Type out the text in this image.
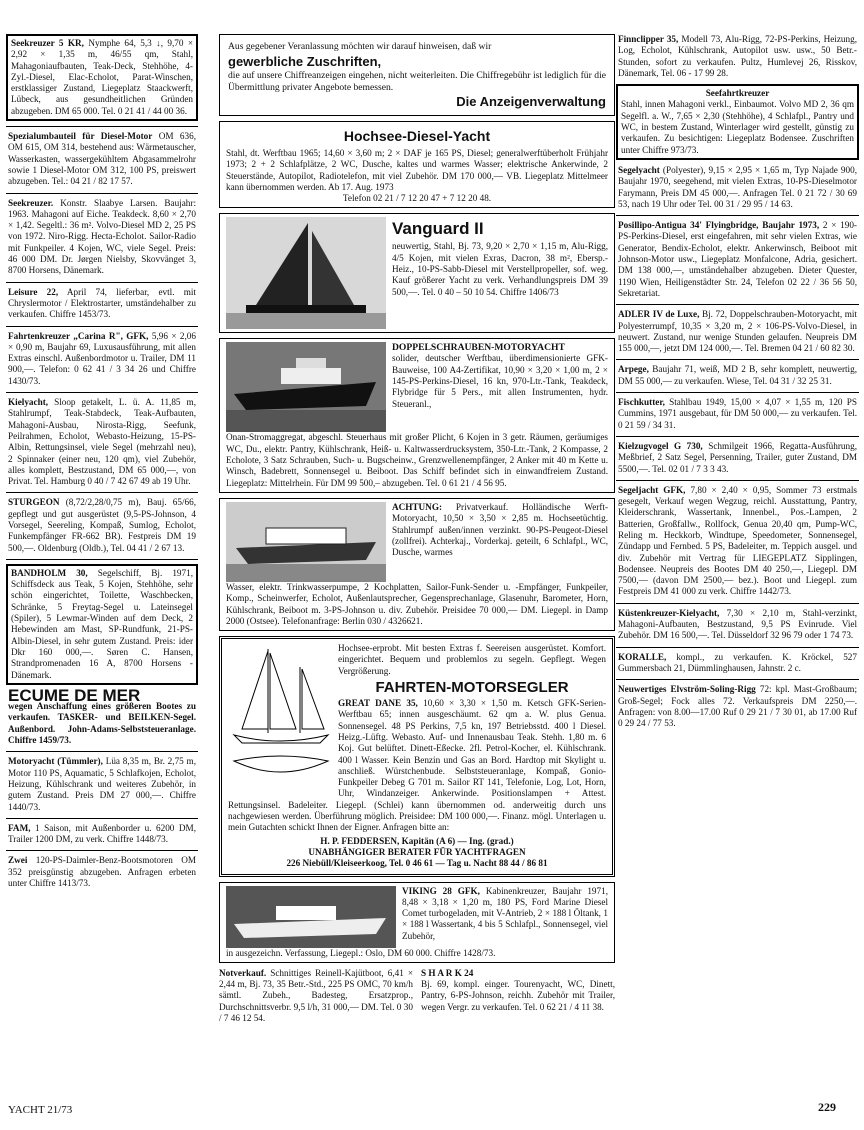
Seekreuzer 5 KR, Nymphe 64, 5,3 ↓, 9,70 × 2,92 × 1,35 m, 46/55 qm, Stahl, Mahagoniaufbauten, Teak-Deck, Stehhöhe, 4-Zyl.-Diesel, Elac-Echolot, Parat-Winschen, erstklassiger Zustand, Liegeplatz Staackwerft, Lübeck, aus gesundheitlichen Gründen abzugeben. DM 65 000. Tel. 0 21 41 / 44 00 36.
Spezialumbauteil für Diesel-Motor OM 636, OM 615, OM 314, bestehend aus: Wärmetauscher, Wasserkasten, wassergekühltem Abgasammelrohr sowie 1 Diesel-Motor OM 312, 100 PS, preiswert abzugeben. Tel.: 04 21 / 82 17 57.
Seekreuzer. Konstr. Slaabye Larsen. Baujahr: 1963. Mahagoni auf Eiche. Teakdeck. 8,60 × 2,70 × 1,42. Segeltl.: 36 m². Volvo-Diesel MD 2, 25 PS von 1972. Niro-Rigg. Hecta-Echolot. Sailor-Radio mit Funkpeiler. 4 Kojen, WC, viele Segel. Preis: 46 000 DM. Dr. Jørgen Nielsby, Skovvänget 3, 8700 Horsens, Dänemark.
Leisure 22, April 74, lieferbar, evtl. mit Chryslermotor / Elektrostarter, umständehalber zu verkaufen. Chiffre 1453/73.
Fahrtenkreuzer „Carina R", GFK, 5,96 × 2,06 × 0,90 m, Baujahr 69, Luxusausführung, mit allen Extras einschl. Außenbordmotor u. Trailer, DM 11 900,—. Telefon: 0 62 41 / 3 34 26 und Chiffre 1430/73.
Kielyacht, Sloop getakelt, L. ü. A. 11,85 m, Stahlrumpf, Teak-Stabdeck, Teak-Aufbauten, Mahagoni-Ausbau, Nirosta-Rigg, Seefunk, Peilrahmen, Echolot, Webasto-Heizung, 15-PS-Albin, Rettungsinsel, viele Segel (mehrzahl neu), 2 Spinnaker (einer neu, 120 qm), viel Zubehör, alles komplett, Bestzustand, DM 65 000,—, von Privat. Tel. Hamburg 0 40 / 7 42 67 49 ab 19 Uhr.
STURGEON (8,72/2,28/0,75 m), Bauj. 65/66, gepflegt und gut ausgerüstet (9,5-PS-Johnson, 4 Vorsegel, Seereling, Kompaß, Sumlog, Echolot, Funkempfänger FR-662 BR). Festpreis DM 19 500,—. Oldenburg (Oldb.), Tel. 04 41 / 2 67 13.
BANDHOLM 30, Segelschiff, Bj. 1971, Schiffsdeck aus Teak, 5 Kojen, Stehhöhe, sehr schön eingerichtet, Toilette, Waschbecken, Schränke, 5 Freytag-Segel u. Lateinsegel (Spiler), 5 Lewmar-Winden auf dem Deck, 2 Hebewinden am Mast, SP-Rundfunk, 21-PS-Albin-Diesel, in sehr gutem Zustand. Preis: ider Dkr 160 000,—. Søren C. Hansen, Strandpromenaden 16 A, 8700 Horsens - Dänemark.
ECUME DE MER
wegen Anschaffung eines größeren Bootes zu verkaufen. TASKER- und BEILKEN-Segel. Außenbord. John-Adams-Selbststeueranlage. Chiffre 1459/73.
Motoryacht (Tümmler), Lüa 8,35 m, Br. 2,75 m, Motor 110 PS, Aquamatic, 5 Schlafkojen, Echolot, Heizung, Kühlschrank und weiteres Zubehör, in gutem Zustand. Preis DM 27 000,—. Chiffre 1440/73.
FAM, 1 Saison, mit Außenborder u. 6200 DM, Trailer 1200 DM, zu verk. Chiffre 1448/73.
Zwei 120-PS-Daimler-Benz-Bootsmotoren OM 352 preisgünstig abzugeben. Anfragen erbeten unter Chiffre 1413/73.
Aus gegebener Veranlassung möchten wir darauf hinweisen, daß wir
gewerbliche Zuschriften,
die auf unsere Chiffreanzeigen eingehen, nicht weiterleiten. Die Chiffregebühr ist lediglich für die Übermittlung privater Angebote bemessen.
Die Anzeigenverwaltung
Hochsee-Diesel-Yacht
Stahl, dt. Werftbau 1965; 14,60 × 3,60 m; 2 × DAF je 165 PS, Diesel; generalwerftüberholt Frühjahr 1973; 2 + 2 Schlafplätze, 2 WC, Dusche, kaltes und warmes Wasser; elektrische Ankerwinde, 2 Steuerstände, Autopilot, Radiotelefon, mit viel Zubehör. DM 170 000,— VB. Liegeplatz Mittelmeer kann übernommen werden. Ab 17. Aug. 1973
Telefon 02 21 / 7 12 20 47 + 7 12 20 48.
Vanguard II
neuwertig, Stahl, Bj. 73, 9,20 × 2,70 × 1,15 m, Alu-Rigg, 4/5 Kojen, mit vielen Exras, Dacron, 38 m², Ebersp.-Heiz., 10-PS-Sabb-Diesel mit Verstellpropeller, sof. weg. Kauf größerer Yacht zu verk. Verhandlungspreis DM 39 500,—. Tel. 0 40 – 50 10 54. Chiffre 1406/73
DOPPELSCHRAUBEN-MOTORYACHT
solider, deutscher Werftbau, überdimensionierte GFK-Bauweise, 100 A4-Zertifikat, 10,90 × 3,20 × 1,00 m, 2 × 145-PS-Perkins-Diesel, 16 kn, 970-Ltr.-Tank, Teakdeck, Flybridge für 5 Pers., mit allen Instrumenten, hydr. Steueranl.,
Onan-Stromaggregat, abgeschl. Steuerhaus mit großer Plicht, 6 Kojen in 3 getr. Räumen, geräumiges WC, Du., elektr. Pantry, Kühlschrank, Heiß- u. Kaltwasserdrucksystem, 350-Ltr.-Tank, 2 Kompasse, 2 Echolote, 3 Satz Schrauben, Such- u. Bugscheinw., Grenzwellenempfänger, 2 Anker mit 40 m Kette u. Winsch, Badebrett, Sonnensegel u. Beiboot. Das Schiff befindet sich in einwandfreiem Zustand. Liegeplatz: Mittelrhein. Für DM 99 500,– abzugeben. Tel. 0 61 21 / 4 56 95.
ACHTUNG: Privatverkauf. Holländische Werft-Motoryacht, 10,50 × 3,50 × 2,85 m. Hochseetüchtig. Stahlrumpf außen/innen verzinkt. 90-PS-Peugeot-Diesel (zollfrei). Achterkaj., Vorderkaj. geteilt, 6 Schlafpl., WC, Dusche, warmes
Wasser, elektr. Trinkwasserpumpe, 2 Kochplatten, Sailor-Funk-Sender u. -Empfänger, Funkpeiler, Komp., Scheinwerfer, Echolot, Außenlautsprecher, Gegensprechanlage, Glasenuhr, Barometer, Horn, Kühlschrank, Beiboot m. 3-PS-Johnson u. div. Zubehör. Preisidee 70 000,— DM. Liegepl. in Damp 2000 (Ostsee). Telefonanfrage: Berlin 030 / 4326621.
Hochsee-erprobt. Mit besten Extras f. Seereisen ausgerüstet. Komfort. eingerichtet. Bequem und problemlos zu segeln. Gepflegt. Wegen Vergrößerung.
FAHRTEN-MOTORSEGLER
GREAT DANE 35, 10,60 × 3,30 × 1,50 m. Ketsch GFK-Serien-Werftbau 65; innen ausgeschäumt. 62 qm a. W. plus Genua. Sonnensegel. 48 PS Perkins, 7,5 kn, 197 Betriebsstd. 400 l Diesel. Heizg.-Lüftg. Webasto. Auf- und Innenausbau Teak. Stehh. 1,80 m. 6 Koj. Gut belüftet. Dinett-Eßecke. 2fl. Petrol-Kocher, el. Kühlschrank. 400 l Wasser. Kein Benzin und Gas an Bord. Hardtop mit Skylight u. anschließ. Würstchenbude. Selbststeueranlage, Kompaß, Gonio-Funkpeiler Debeg G 701 m. Sailor RT 141, Telefonie, Log, Lot, Horn, Uhr, Windanzeiger. Ankerwinde. Positionslampen + Attest. Rettungsinsel. Badeleiter. Liegepl. (Schlei) kann übernommen od. anderweitig durch uns nachgewiesen werden. Überführung möglich. Preisidee: DM 100 000,—. Finanz. mögl. Unterlagen u. mein Gutachten schickt Ihnen der Eigner. Anfragen bitte an:
H. P. FEDDERSEN, Kapitän (A 6) — Ing. (grad.)
UNABHÄNGIGER BERATER FÜR YACHTFRAGEN
226 Niebüll/Kleiseerkoog, Tel. 0 46 61 — Tag u. Nacht 88 44 / 86 81
VIKING 28 GFK, Kabinenkreuzer, Baujahr 1971, 8,48 × 3,18 × 1,20 m, 180 PS, Ford Marine Diesel Comet turbogeladen, mit V-Antrieb, 2 × 188 l Öltank, 1 × 188 l Wassertank, 4 bis 5 Schlafpl., Sonnensegel, viel Zubehör,
in ausgezeichn. Verfassung, Liegepl.: Oslo, DM 60 000. Chiffre 1428/73.
Notverkauf. Schnittiges Reinell-Kajütboot, 6,41 × 2,44 m, Bj. 73, 35 Betr.-Std., 225 PS OMC, 70 km/h sämtl. Zubeh., Badesteg, Ersatzprop., Durchschnittsverbr. 9,5 l/h, 31 000,— DM. Tel. 0 30 / 7 46 12 54.
S H A R K 24
Bj. 69, kompl. einger. Tourenyacht, WC, Dinett, Pantry, 6-PS-Johnson, reichh. Zubehör mit Trailer, wegen Vergr. zu verkaufen. Tel. 0 62 21 / 4 11 38.
Finnclipper 35, Modell 73, Alu-Rigg, 72-PS-Perkins, Heizung, Log, Echolot, Kühlschrank, Autopilot usw. usw., 50 Betr.-Stunden, sofort zu verkaufen. Pultz, Humlevej 26, Risskov, Dänemark, Tel. 06 - 17 99 28.
Seefahrtkreuzer
Stahl, innen Mahagoni verkl., Einbaumot. Volvo MD 2, 36 qm Segelfl. a. W., 7,65 × 2,30 (Stehhöhe), 4 Schlafpl., Pantry und WC, in bestem Zustand, Winterlager wird gestellt, günstig zu verkaufen. Zu besichtigen: Liegeplatz Bodensee. Zuschriften unter Chiffre 973/73.
Segelyacht (Polyester), 9,15 × 2,95 × 1,65 m, Typ Najade 900, Baujahr 1970, seegehend, mit vielen Extras, 10-PS-Dieselmotor Farymann, Preis DM 45 000,—. Anfragen Tel. 0 21 72 / 30 69 53, nach 19 Uhr oder Tel. 00 31 / 29 95 / 14 63.
Posillipo-Antigua 34' Flyingbridge, Baujahr 1973, 2 × 190-PS-Perkins-Diesel, erst eingefahren, mit sehr vielen Extras, wie Generator, Bendix-Echolot, elektr. Ankerwinsch, Beiboot mit Johnson-Motor usw., Liegeplatz Monfalcone, Adria, gesichert. DM 138 000,—, umständehalber abzugeben. Dieter Quester, 1190 Wien, Heiligenstädter Str. 24, Telefon 02 22 / 36 56 50, Sekretariat.
ADLER IV de Luxe, Bj. 72, Doppelschrauben-Motoryacht, mit Polyesterrumpf, 10,35 × 3,20 m, 2 × 106-PS-Volvo-Diesel, in neuwert. Zustand, nur wenige Stunden gelaufen. Neupreis DM 155 000,—, jetzt DM 124 000,—. Tel. Bremen 04 21 / 60 82 30.
Arpege, Baujahr 71, weiß, MD 2 B, sehr komplett, neuwertig, DM 55 000,— zu verkaufen. Wiese, Tel. 04 31 / 32 25 31.
Fischkutter, Stahlbau 1949, 15,00 × 4,07 × 1,55 m, 120 PS Cummins, 1971 ausgebaut, für DM 50 000,— zu verkaufen. Tel. 0 21 59 / 34 31.
Kielzugvogel G 730, Schmilgeit 1966, Regatta-Ausführung, Meßbrief, 2 Satz Segel, Persenning, Trailer, guter Zustand, DM 5500,—. Tel. 02 01 / 7 3 3 43.
Segeljacht GFK, 7,80 × 2,40 × 0,95, Sommer 73 erstmals gesegelt, Verkauf wegen Wegzug, reichl. Ausstattung, Pantry, Kleiderschrank, Wassertank, Innenbel., Pos.-Lampen, 2 Batterien, Großfallw., Rollfock, Genua 20,40 qm, Pump-WC, Reling m. Heckkorb, Windtupe, Speedometer, Sonnensegel, Zündapp und Fernbed. 5 PS, Badeleiter, m. Teppich ausgel. und div. Zubehör mit Vertrag für LIEGEPLATZ Sipplingen, Bodensee. Neupreis des Bootes DM 40 250,—, Liegepl. DM 7500,— (davon DM 2500,— bez.). Boot und Liegepl. zum Festpreis DM 41 000 zu verk. Chiffre 1442/73.
Küstenkreuzer-Kielyacht, 7,30 × 2,10 m, Stahl-verzinkt, Mahagoni-Aufbauten, Bestzustand, 9,5 PS Evinrude. Viel Zubehör. DM 16 500,—. Tel. Düsseldorf 32 96 79 oder 1 74 73.
KORALLE, kompl., zu verkaufen. K. Kröckel, 527 Gummersbach 21, Dümmlinghausen, Jahnstr. 2 c.
Neuwertiges Elvström-Soling-Rigg 72: kpl. Mast-Großbaum; Groß-Segel; Fock alles 72. Verkaufspreis DM 2250,—. Anfragen: von 8.00—17.00 Ruf 0 29 21 / 7 30 01, ab 17.00 Ruf 0 29 24 / 77 53.
YACHT 21/73	229
